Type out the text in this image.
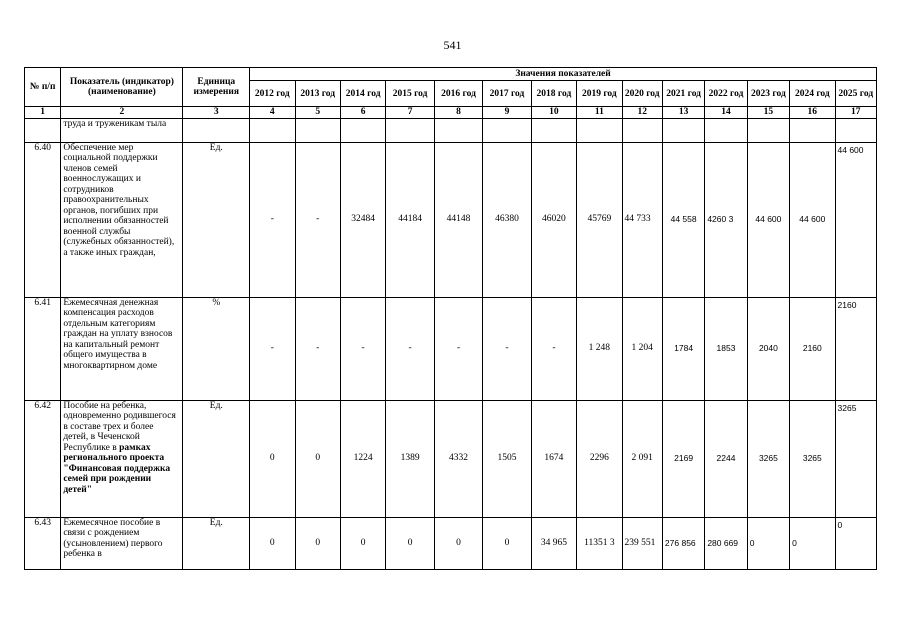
541
№ п/п	Показатель (индикатор) (наименование)	Единица измерения	Значения показателей													
			2012 год	2013 год	2014 год	2015 год	2016 год	2017 год	2018 год	2019 год	2020 год	2021 год	2022 год	2023 год	2024 год	2025 год
1	2	3	4	5	6	7	8	9	10	11	12	13	14	15	16	17
	труда и труженикам тыла															
6.40	Обеспечение мер социальной поддержки членов семей военнослужащих и сотрудников правоохранительных органов, погибших при исполнении обязанностей военной службы (служебных обязанностей), а также иных граждан,	Ед.	-	-	32484	44184	44148	46380	46020	45769	44 733	44 558	4260 3	44 600	44 600	44 600
6.41	Ежемесячная денежная компенсация расходов отдельным категориям граждан на уплату взносов на капитальный ремонт общего имущества в многоквартирном доме	%	-	-	-	-	-	-	-	1 248	1 204	1784	1853	2040	2160	2160
6.42	Пособие на ребенка, одновременно родившегося в составе трех и более детей, в Чеченской Республике в рамках регионального проекта "Финансовая поддержка семей при рождении детей"	Ед.	0	0	1224	1389	4332	1505	1674	2296	2 091	2169	2244	3265	3265	3265
6.43	Ежемесячное пособие в связи с рождением (усыновлением) первого ребенка в	Ед.	0	0	0	0	0	0	34 965	11351 3	239 551	276 856	280 669	0	0	0
